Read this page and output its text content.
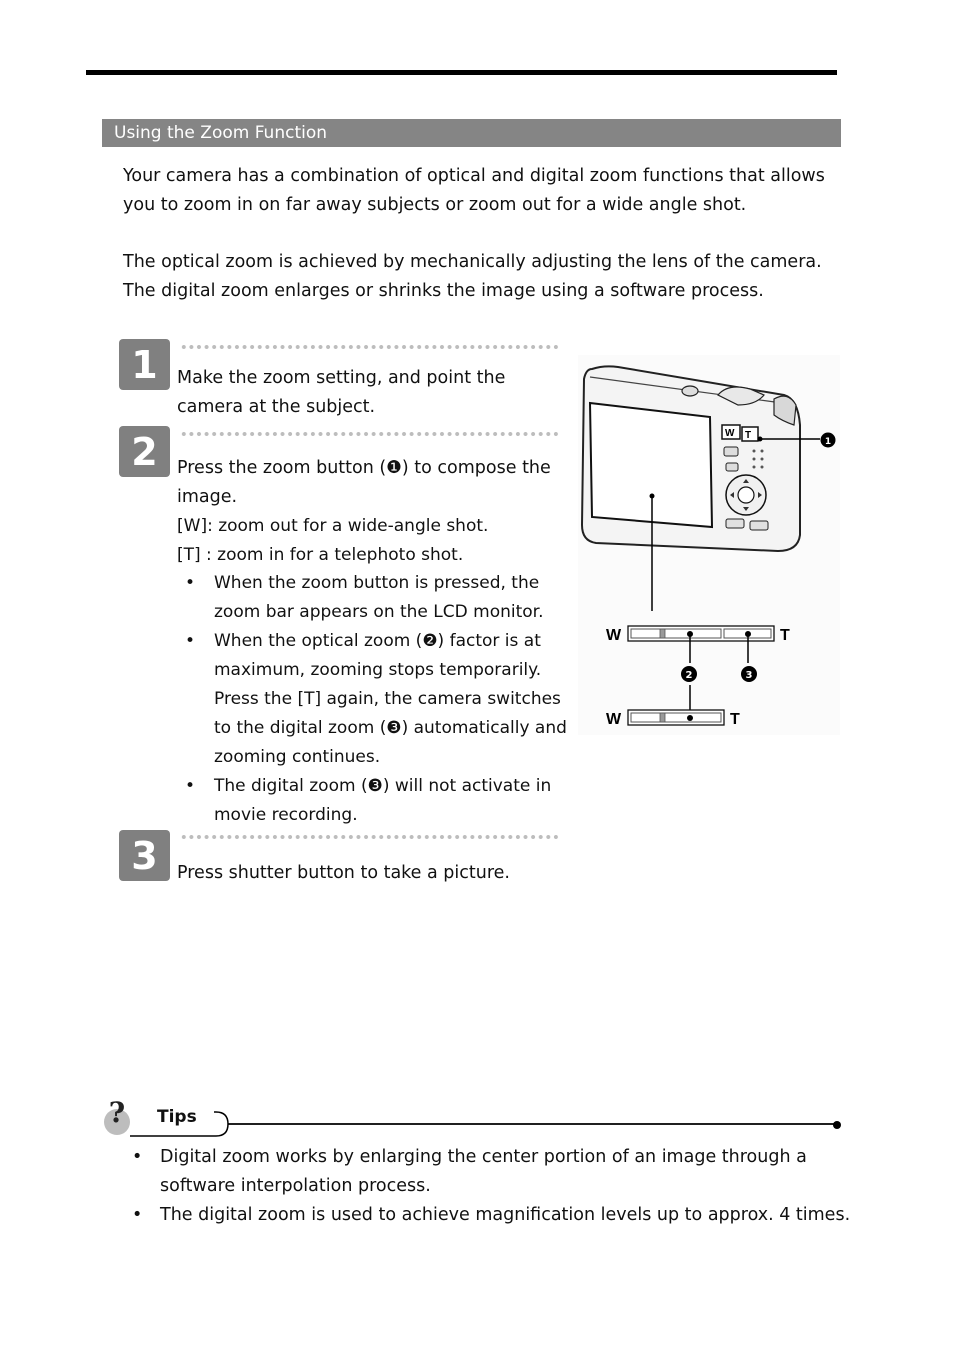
Using the Zoom Function

Your camera has a combination of optical and digital zoom functions that allows you to zoom in on far away subjects or zoom out for a wide angle shot.

The optical zoom is achieved by mechanically adjusting the lens of the camera. The digital zoom enlarges or shrinks the image using a software process.

1	Make the zoom setting, and point the camera at the subject.

2	Press the zoom button (❶) to compose the image.

[W]: zoom out for a wide-angle shot.

[T] : zoom in for a telephoto shot.

• When the zoom button is pressed, the zoom bar appears on the LCD monitor.
• When the optical zoom (❷) factor is at maximum, zooming stops temporarily. Press the [T] again, the camera switches to the digital zoom (❸) automatically and zooming continues.
• The digital zoom (❸) will not activate in movie recording.
3	Press shutter button to take a picture.

W T
1
W	T
2	3
W	T
? Tips
• Digital zoom works by enlarging the center portion of an image through a software interpolation process.
• The digital zoom is used to achieve magnification levels up to approx. 4 times.
